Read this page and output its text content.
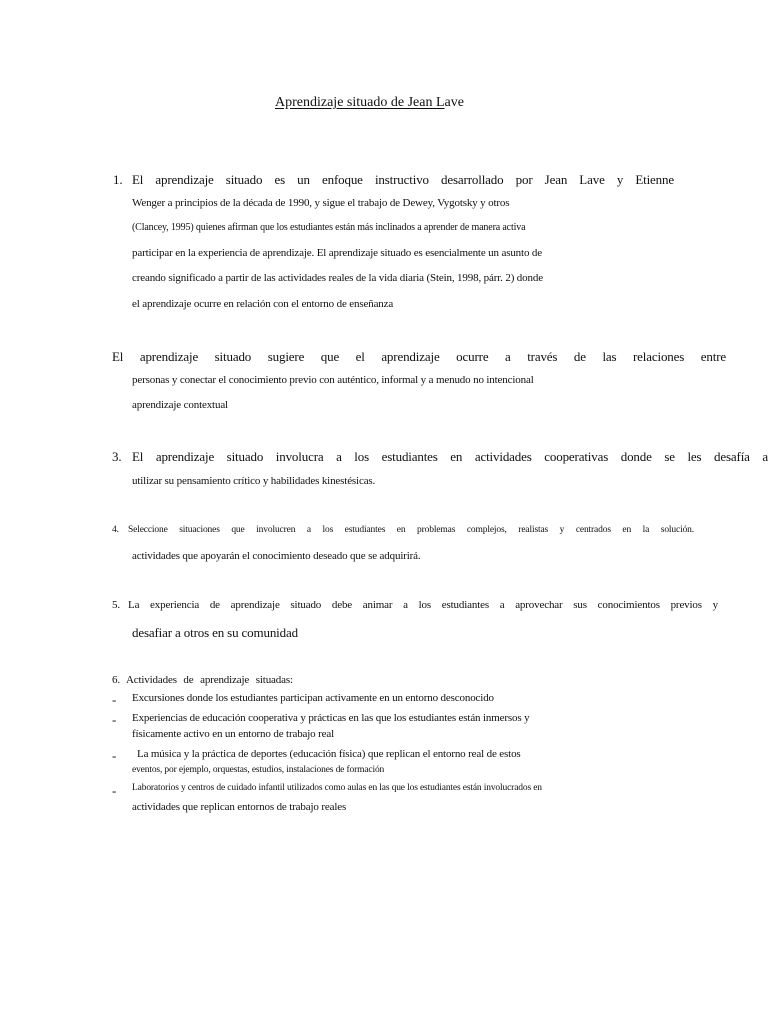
Aprendizaje situado de Jean Lave
1. El aprendizaje situado es un enfoque instructivo desarrollado por Jean Lave y Etienne
Wenger a principios de la década de 1990, y sigue el trabajo de Dewey, Vygotsky y otros
(Clancey, 1995) quienes afirman que los estudiantes están más inclinados a aprender de manera activa
participar en la experiencia de aprendizaje. El aprendizaje situado es esencialmente un asunto de
creando significado a partir de las actividades reales de la vida diaria (Stein, 1998, párr. 2) donde
el aprendizaje ocurre en relación con el entorno de enseñanza
El aprendizaje situado sugiere que el aprendizaje ocurre a través de las relaciones entre
personas y conectar el conocimiento previo con auténtico, informal y a menudo no intencional
aprendizaje contextual
3. El aprendizaje situado involucra a los estudiantes en actividades cooperativas donde se les desafía a
utilizar su pensamiento crítico y habilidades kinestésicas.
4. Seleccione situaciones que involucren a los estudiantes en problemas complejos, realistas y centrados en la solución.
actividades que apoyarán el conocimiento deseado que se adquirirá.
5. La experiencia de aprendizaje situado debe animar a los estudiantes a aprovechar sus conocimientos previos y
desafiar a otros en su comunidad
6. Actividades de aprendizaje situadas:
- Excursiones donde los estudiantes participan activamente en un entorno desconocido
- Experiencias de educación cooperativa y prácticas en las que los estudiantes están inmersos y
físicamente activo en un entorno de trabajo real
- La música y la práctica de deportes (educación física) que replican el entorno real de estos
eventos, por ejemplo, orquestas, estudios, instalaciones de formación
- Laboratorios y centros de cuidado infantil utilizados como aulas en las que los estudiantes están involucrados en
actividades que replican entornos de trabajo reales
